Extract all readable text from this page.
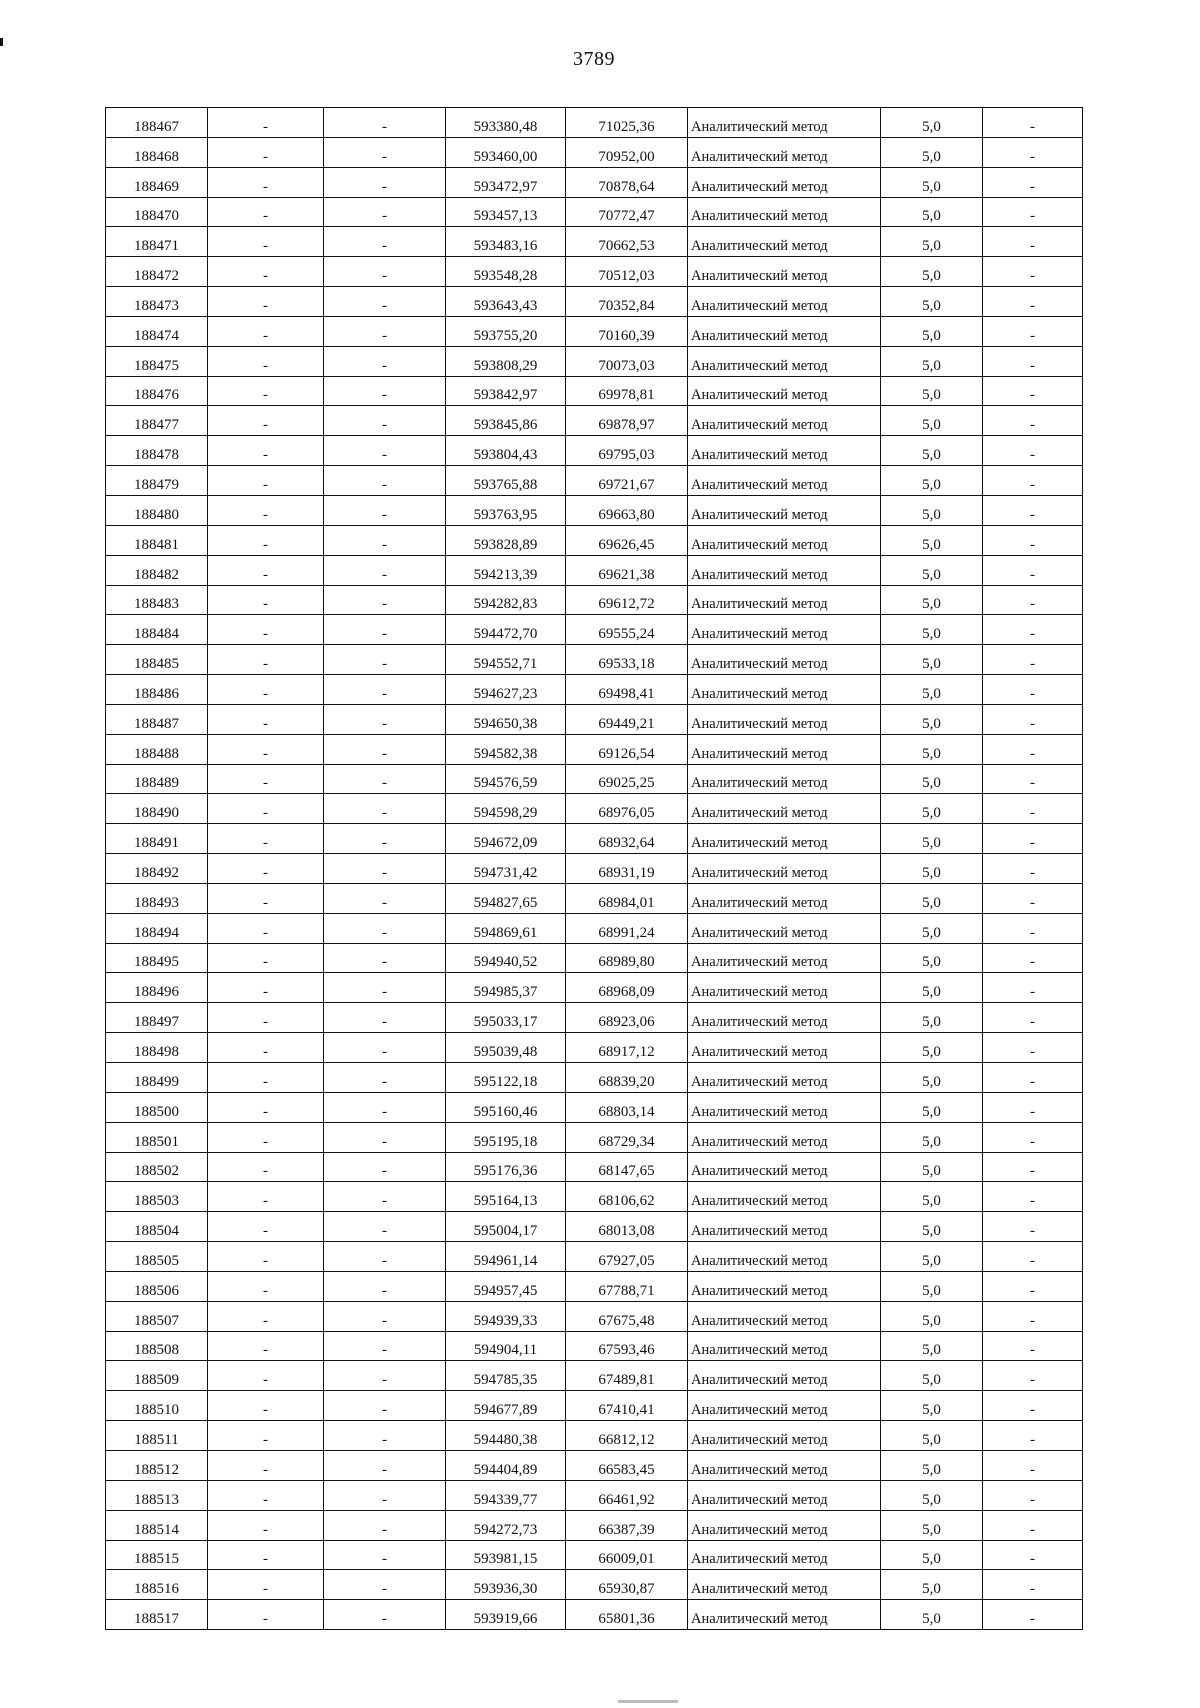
3789
188467	-	-	593380,48	71025,36	Аналитический метод	5,0	-
188468	-	-	593460,00	70952,00	Аналитический метод	5,0	-
188469	-	-	593472,97	70878,64	Аналитический метод	5,0	-
188470	-	-	593457,13	70772,47	Аналитический метод	5,0	-
188471	-	-	593483,16	70662,53	Аналитический метод	5,0	-
188472	-	-	593548,28	70512,03	Аналитический метод	5,0	-
188473	-	-	593643,43	70352,84	Аналитический метод	5,0	-
188474	-	-	593755,20	70160,39	Аналитический метод	5,0	-
188475	-	-	593808,29	70073,03	Аналитический метод	5,0	-
188476	-	-	593842,97	69978,81	Аналитический метод	5,0	-
188477	-	-	593845,86	69878,97	Аналитический метод	5,0	-
188478	-	-	593804,43	69795,03	Аналитический метод	5,0	-
188479	-	-	593765,88	69721,67	Аналитический метод	5,0	-
188480	-	-	593763,95	69663,80	Аналитический метод	5,0	-
188481	-	-	593828,89	69626,45	Аналитический метод	5,0	-
188482	-	-	594213,39	69621,38	Аналитический метод	5,0	-
188483	-	-	594282,83	69612,72	Аналитический метод	5,0	-
188484	-	-	594472,70	69555,24	Аналитический метод	5,0	-
188485	-	-	594552,71	69533,18	Аналитический метод	5,0	-
188486	-	-	594627,23	69498,41	Аналитический метод	5,0	-
188487	-	-	594650,38	69449,21	Аналитический метод	5,0	-
188488	-	-	594582,38	69126,54	Аналитический метод	5,0	-
188489	-	-	594576,59	69025,25	Аналитический метод	5,0	-
188490	-	-	594598,29	68976,05	Аналитический метод	5,0	-
188491	-	-	594672,09	68932,64	Аналитический метод	5,0	-
188492	-	-	594731,42	68931,19	Аналитический метод	5,0	-
188493	-	-	594827,65	68984,01	Аналитический метод	5,0	-
188494	-	-	594869,61	68991,24	Аналитический метод	5,0	-
188495	-	-	594940,52	68989,80	Аналитический метод	5,0	-
188496	-	-	594985,37	68968,09	Аналитический метод	5,0	-
188497	-	-	595033,17	68923,06	Аналитический метод	5,0	-
188498	-	-	595039,48	68917,12	Аналитический метод	5,0	-
188499	-	-	595122,18	68839,20	Аналитический метод	5,0	-
188500	-	-	595160,46	68803,14	Аналитический метод	5,0	-
188501	-	-	595195,18	68729,34	Аналитический метод	5,0	-
188502	-	-	595176,36	68147,65	Аналитический метод	5,0	-
188503	-	-	595164,13	68106,62	Аналитический метод	5,0	-
188504	-	-	595004,17	68013,08	Аналитический метод	5,0	-
188505	-	-	594961,14	67927,05	Аналитический метод	5,0	-
188506	-	-	594957,45	67788,71	Аналитический метод	5,0	-
188507	-	-	594939,33	67675,48	Аналитический метод	5,0	-
188508	-	-	594904,11	67593,46	Аналитический метод	5,0	-
188509	-	-	594785,35	67489,81	Аналитический метод	5,0	-
188510	-	-	594677,89	67410,41	Аналитический метод	5,0	-
188511	-	-	594480,38	66812,12	Аналитический метод	5,0	-
188512	-	-	594404,89	66583,45	Аналитический метод	5,0	-
188513	-	-	594339,77	66461,92	Аналитический метод	5,0	-
188514	-	-	594272,73	66387,39	Аналитический метод	5,0	-
188515	-	-	593981,15	66009,01	Аналитический метод	5,0	-
188516	-	-	593936,30	65930,87	Аналитический метод	5,0	-
188517	-	-	593919,66	65801,36	Аналитический метод	5,0	-
